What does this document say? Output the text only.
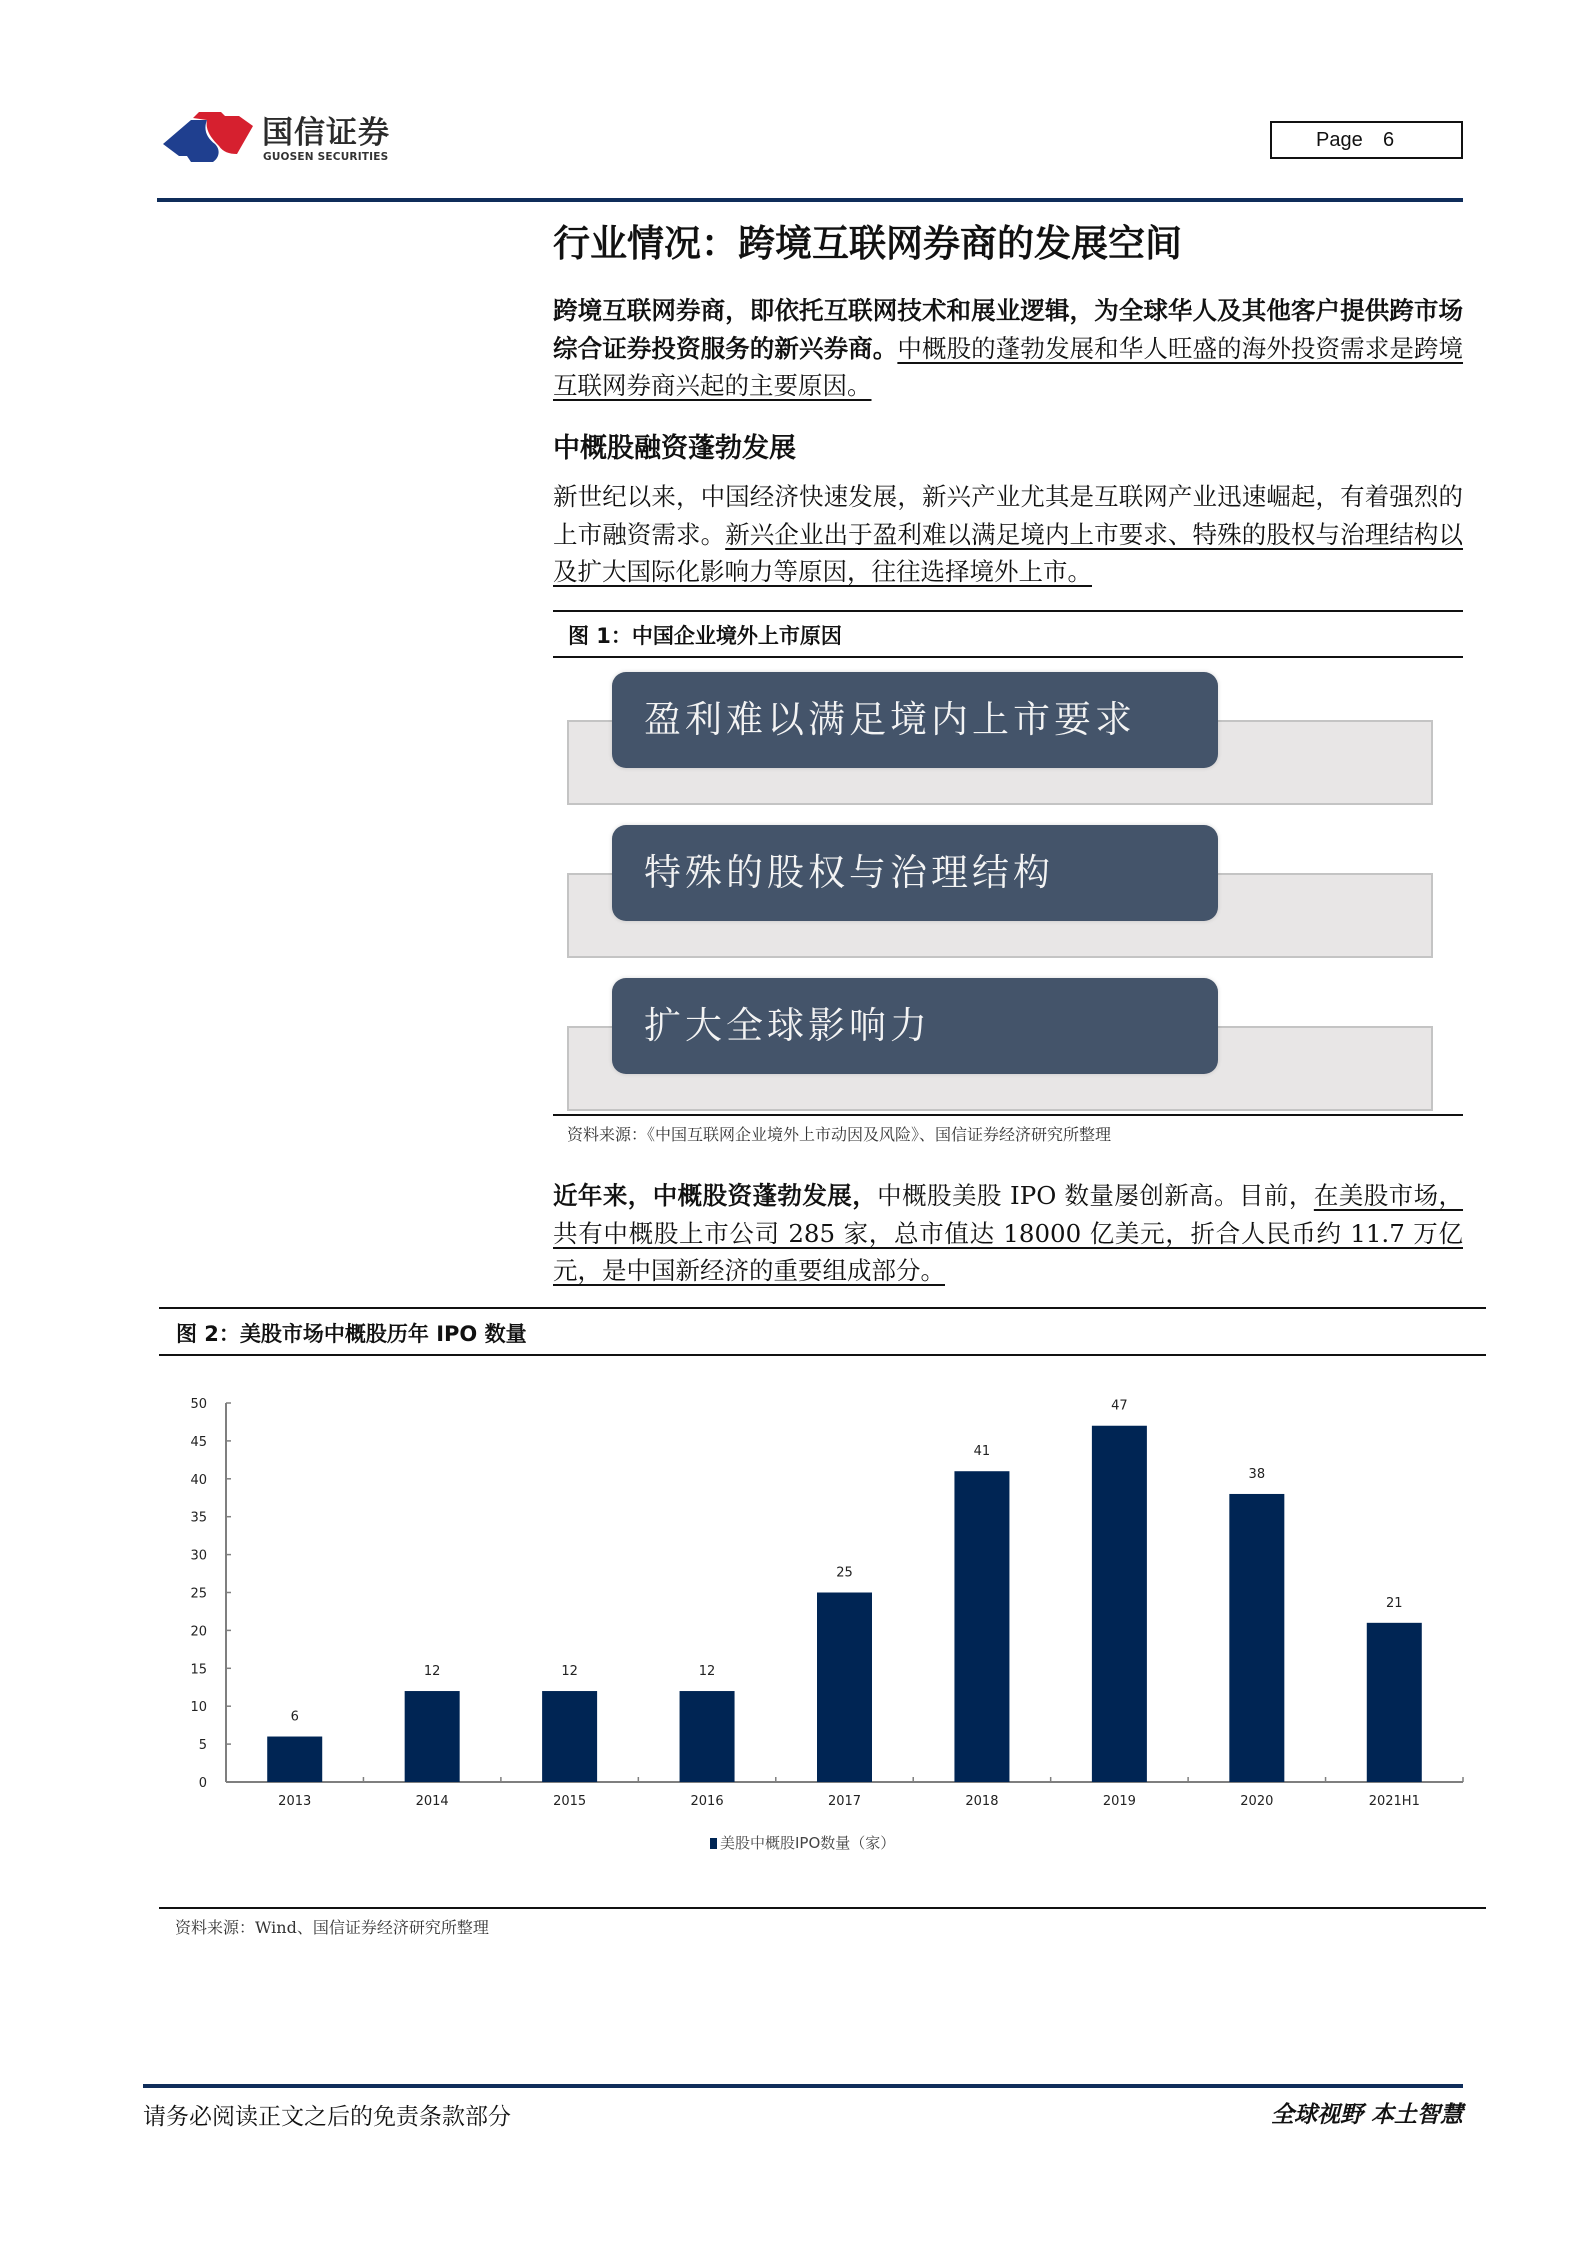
国信证券
GUOSEN SECURITIES
Page 6
行业情况：跨境互联网券商的发展空间
跨境互联网券商，即依托互联网技术和展业逻辑，为全球华人及其他客户提供跨市场综合证券投资服务的新兴券商。中概股的蓬勃发展和华人旺盛的海外投资需求是跨境互联网券商兴起的主要原因。
中概股融资蓬勃发展
新世纪以来，中国经济快速发展，新兴产业尤其是互联网产业迅速崛起，有着强烈的上市融资需求。新兴企业出于盈利难以满足境内上市要求、特殊的股权与治理结构以及扩大国际化影响力等原因，往往选择境外上市。
图 1：中国企业境外上市原因
盈利难以满足境内上市要求
特殊的股权与治理结构
扩大全球影响力
资料来源：《中国互联网企业境外上市动因及风险》、国信证券经济研究所整理
近年来，中概股资蓬勃发展，中概股美股 IPO 数量屡创新高。目前，在美股市场，共有中概股上市公司 285 家，总市值达 18000 亿美元，折合人民币约 11.7 万亿元，是中国新经济的重要组成部分。
图 2：美股市场中概股历年 IPO 数量
0
5
10
15
20
25
30
35
40
45
50
6
2013
12
2014
12
2015
12
2016
25
2017
41
2018
47
2019
38
2020
21
2021H1
美股中概股IPO数量（家）
资料来源：Wind、国信证券经济研究所整理
请务必阅读正文之后的免责条款部分	全球视野 本土智慧
